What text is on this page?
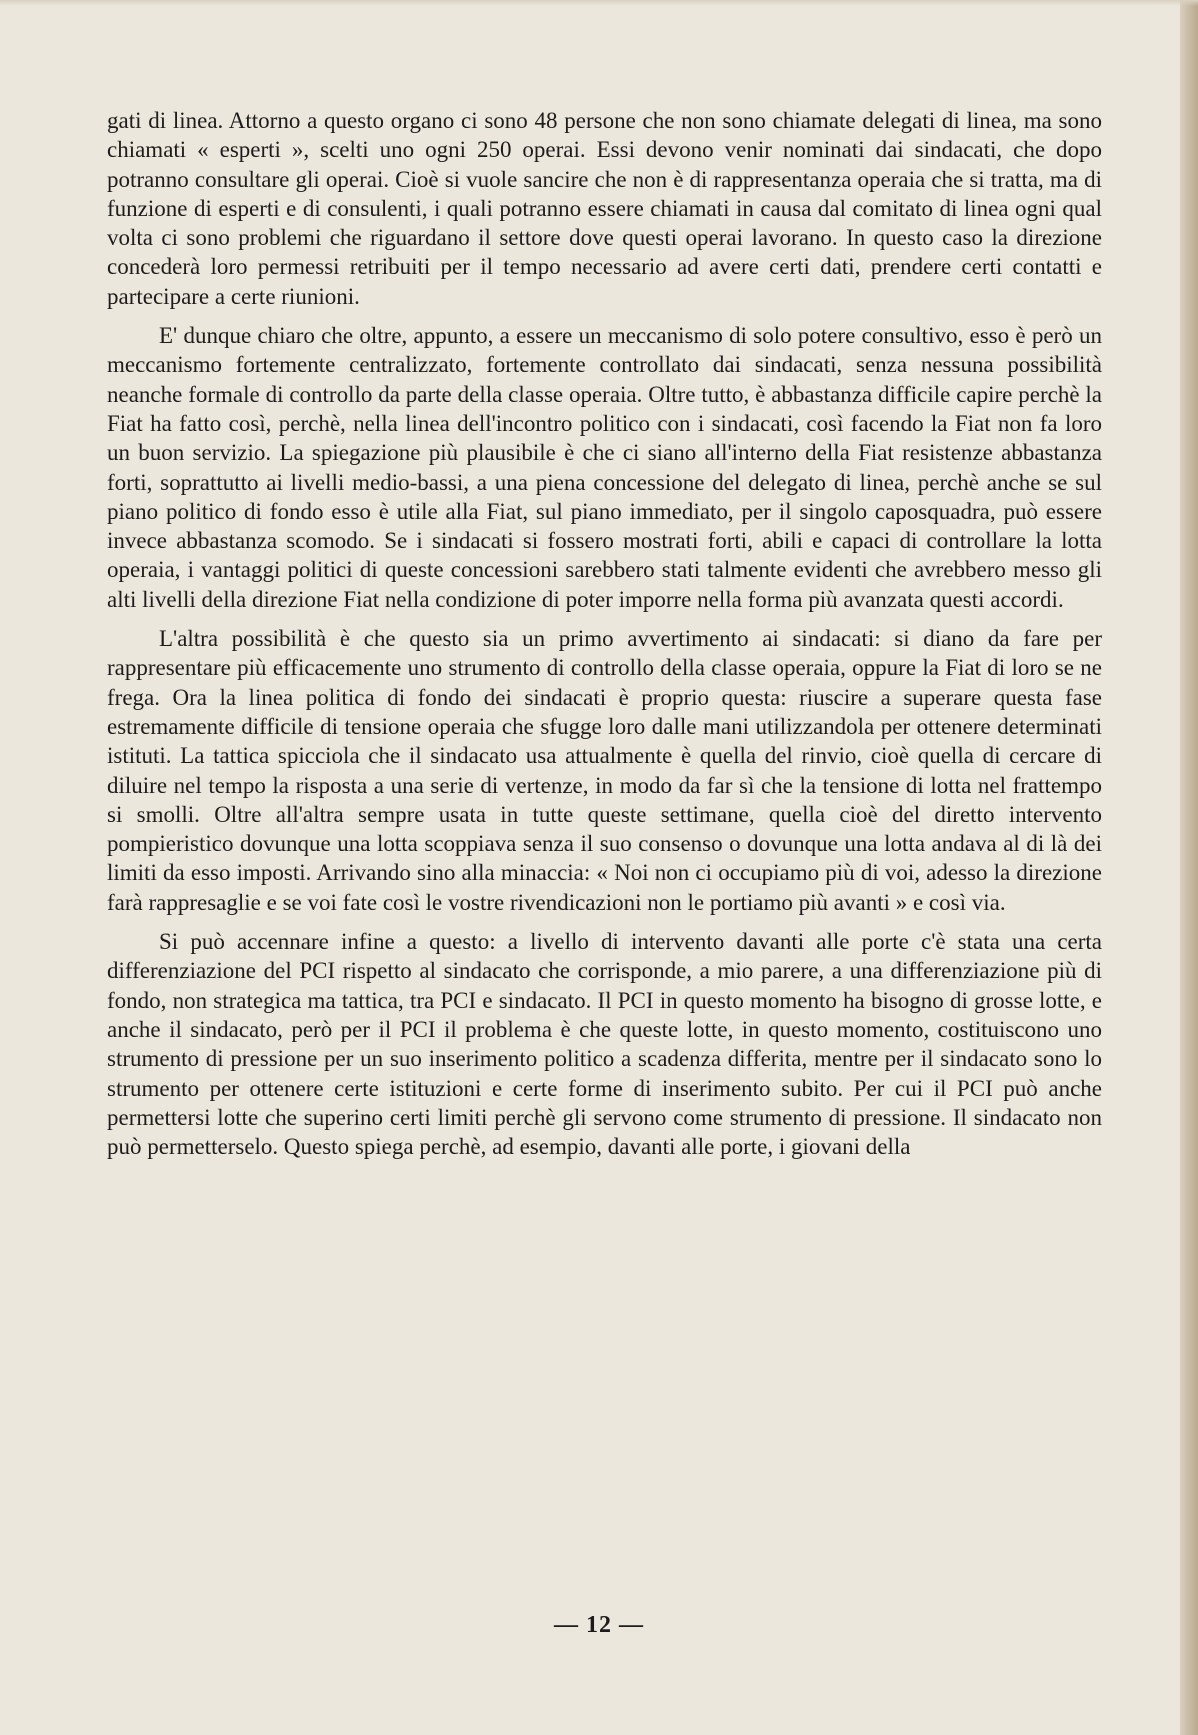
gati di linea. Attorno a questo organo ci sono 48 persone che non sono chiamate delegati di linea, ma sono chiamati « esperti », scelti uno ogni 250 operai. Essi devono venir nominati dai sindacati, che dopo potranno consultare gli operai. Cioè si vuole sancire che non è di rappresentanza operaia che si tratta, ma di funzione di esperti e di consulenti, i quali potranno essere chiamati in causa dal comitato di linea ogni qual volta ci sono problemi che riguardano il settore dove questi operai lavorano. In questo caso la direzione concederà loro permessi retribuiti per il tempo necessario ad avere certi dati, prendere certi contatti e partecipare a certe riunioni.

E' dunque chiaro che oltre, appunto, a essere un meccanismo di solo potere consultivo, esso è però un meccanismo fortemente centralizzato, fortemente controllato dai sindacati, senza nessuna possibilità neanche formale di controllo da parte della classe operaia. Oltre tutto, è abbastanza difficile capire perchè la Fiat ha fatto così, perchè, nella linea dell'incontro politico con i sindacati, così facendo la Fiat non fa loro un buon servizio. La spiegazione più plausibile è che ci siano all'interno della Fiat resistenze abbastanza forti, soprattutto ai livelli medio-bassi, a una piena concessione del delegato di linea, perchè anche se sul piano politico di fondo esso è utile alla Fiat, sul piano immediato, per il singolo caposquadra, può essere invece abbastanza scomodo. Se i sindacati si fossero mostrati forti, abili e capaci di controllare la lotta operaia, i vantaggi politici di queste concessioni sarebbero stati talmente evidenti che avrebbero messo gli alti livelli della direzione Fiat nella condizione di poter imporre nella forma più avanzata questi accordi.

L'altra possibilità è che questo sia un primo avvertimento ai sindacati: si diano da fare per rappresentare più efficacemente uno strumento di controllo della classe operaia, oppure la Fiat di loro se ne frega. Ora la linea politica di fondo dei sindacati è proprio questa: riuscire a superare questa fase estremamente difficile di tensione operaia che sfugge loro dalle mani utilizzandola per ottenere determinati istituti. La tattica spicciola che il sindacato usa attualmente è quella del rinvio, cioè quella di cercare di diluire nel tempo la risposta a una serie di vertenze, in modo da far sì che la tensione di lotta nel frattempo si smolli. Oltre all'altra sempre usata in tutte queste settimane, quella cioè del diretto intervento pompieristico dovunque una lotta scoppiava senza il suo consenso o dovunque una lotta andava al di là dei limiti da esso imposti. Arrivando sino alla minaccia: « Noi non ci occupiamo più di voi, adesso la direzione farà rappresaglie e se voi fate così le vostre rivendicazioni non le portiamo più avanti » e così via.

Si può accennare infine a questo: a livello di intervento davanti alle porte c'è stata una certa differenziazione del PCI rispetto al sindacato che corrisponde, a mio parere, a una differenziazione più di fondo, non strategica ma tattica, tra PCI e sindacato. Il PCI in questo momento ha bisogno di grosse lotte, e anche il sindacato, però per il PCI il problema è che queste lotte, in questo momento, costituiscono uno strumento di pressione per un suo inserimento politico a scadenza differita, mentre per il sindacato sono lo strumento per ottenere certe istituzioni e certe forme di inserimento subito. Per cui il PCI può anche permettersi lotte che superino certi limiti perchè gli servono come strumento di pressione. Il sindacato non può permetterselo. Questo spiega perchè, ad esempio, davanti alle porte, i giovani della

— 12 —
